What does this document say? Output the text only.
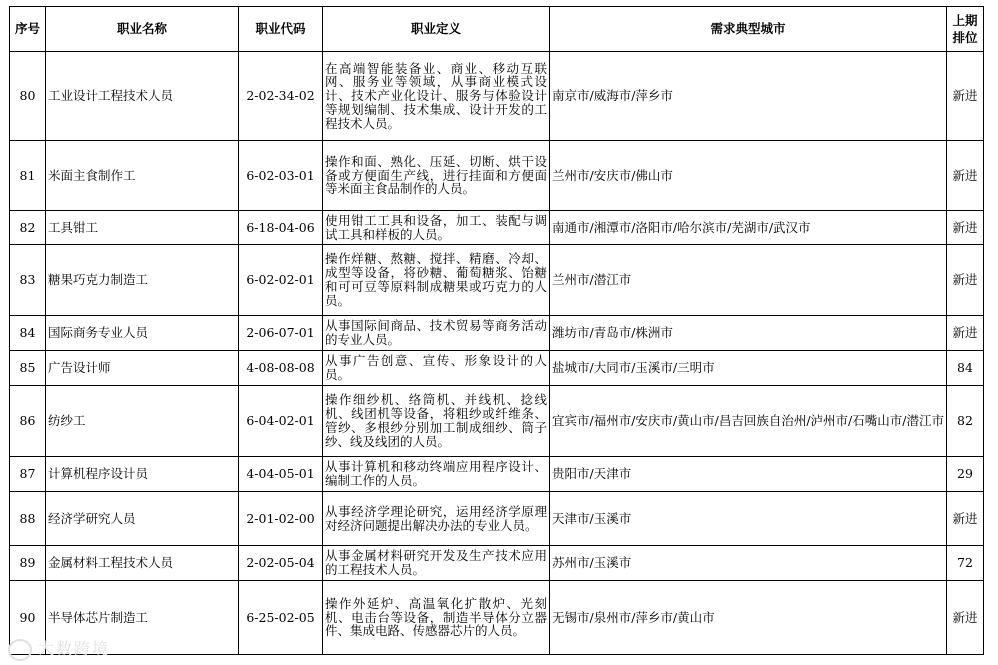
序号	职业名称	职业代码	职业定义	需求典型城市	上期排位
80	工业设计工程技术人员	2-02-34-02	在高端智能装备业、商业、移动互联网、服务业等领域，从事商业模式设计、技术产业化设计、服务与体验设计等规划编制、技术集成、设计开发的工程技术人员。	南京市/威海市/萍乡市	新进
81	米面主食制作工	6-02-03-01	操作和面、熟化、压延、切断、烘干设备或方便面生产线，进行挂面和方便面等米面主食品制作的人员。	兰州市/安庆市/佛山市	新进
82	工具钳工	6-18-04-06	使用钳工工具和设备，加工、装配与调试工具和样板的人员。	南通市/湘潭市/洛阳市/哈尔滨市/芜湖市/武汉市	新进
83	糖果巧克力制造工	6-02-02-01	操作烊糖、熬糖、搅拌、精磨、冷却、成型等设备，将砂糖、葡萄糖浆、饴糖和可可豆等原料制成糖果或巧克力的人员。	兰州市/潜江市	新进
84	国际商务专业人员	2-06-07-01	从事国际间商品、技术贸易等商务活动的专业人员。	潍坊市/青岛市/株洲市	新进
85	广告设计师	4-08-08-08	从事广告创意、宣传、形象设计的人员。	盐城市/大同市/玉溪市/三明市	84
86	纺纱工	6-04-02-01	操作细纱机、络筒机、并线机、捻线机、线团机等设备，将粗纱或纤维条、管纱、多根纱分别加工制成细纱、筒子纱、线及线团的人员。	宜宾市/福州市/安庆市/黄山市/昌吉回族自治州/泸州市/石嘴山市/潜江市	82
87	计算机程序设计员	4-04-05-01	从事计算机和移动终端应用程序设计、编制工作的人员。	贵阳市/天津市	29
88	经济学研究人员	2-01-02-00	从事经济学理论研究，运用经济学原理对经济问题提出解决办法的专业人员。	天津市/玉溪市	新进
89	金属材料工程技术人员	2-02-05-04	从事金属材料研究开发及生产技术应用的工程技术人员。	苏州市/玉溪市	72
90	半导体芯片制造工	6-25-02-05	操作外延炉、高温氧化扩散炉、光刻机、电击台等设备，制造半导体分立器件、集成电路、传感器芯片的人员。	无锡市/泉州市/萍乡市/黄山市	新进
大数跨境
